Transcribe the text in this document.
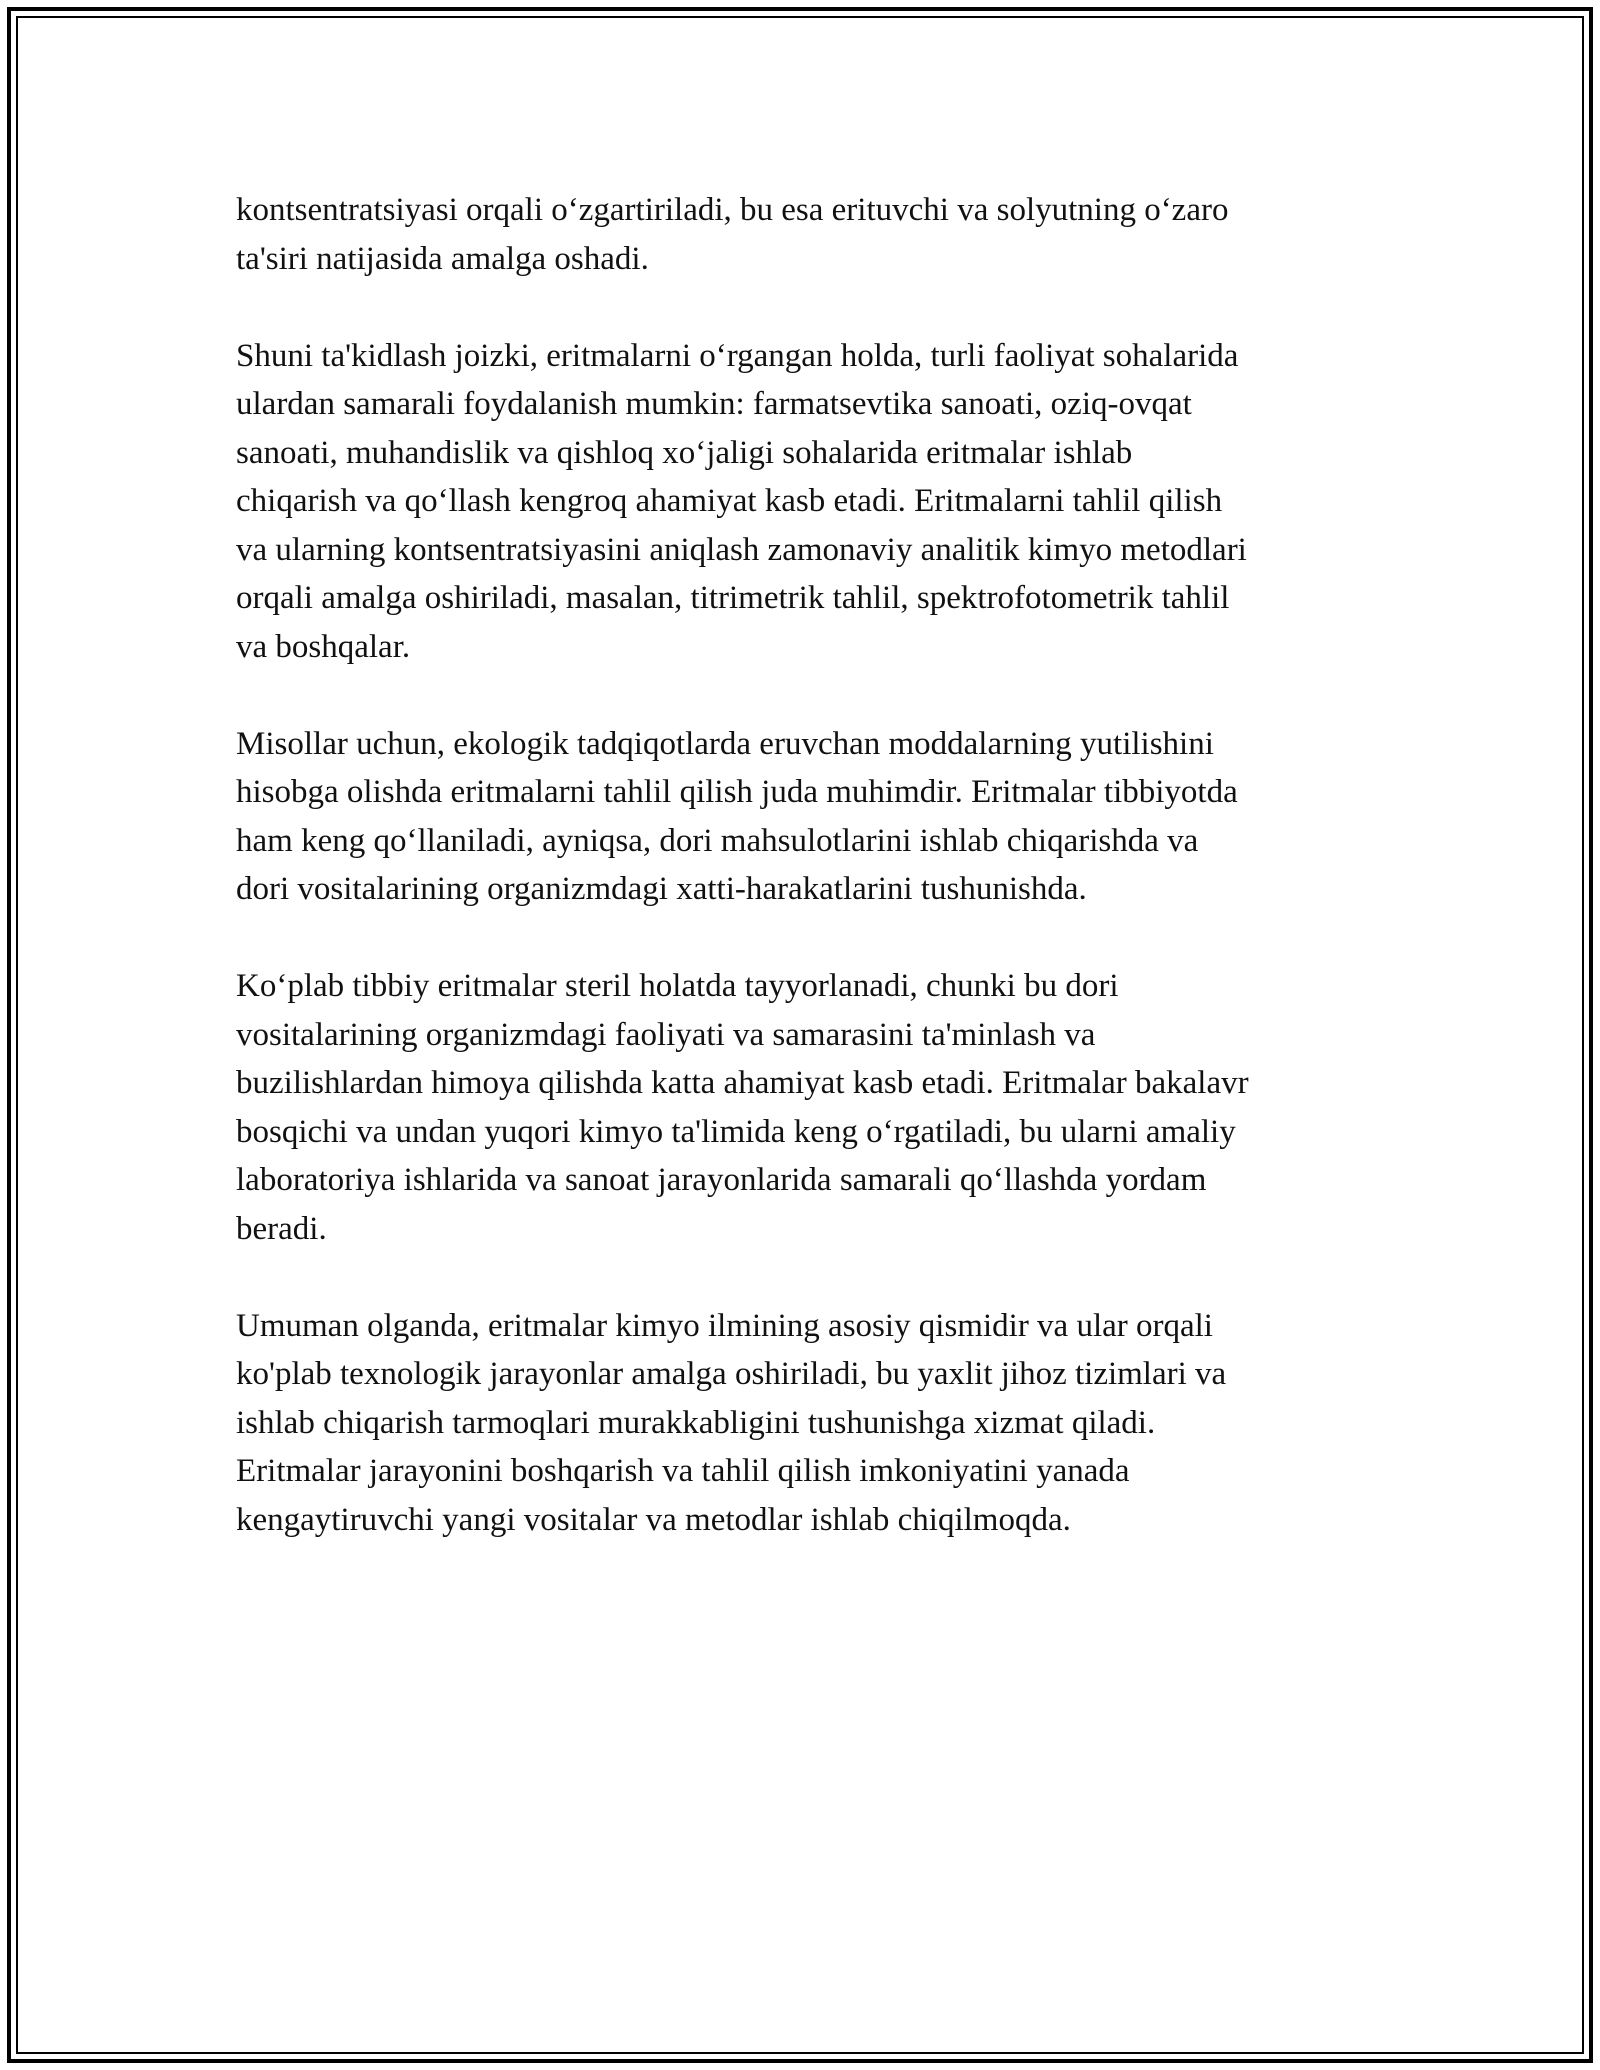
kontsentratsiyasi orqali o‘zgartiriladi, bu esa erituvchi va solyutning o‘zaro
ta'siri natijasida amalga oshadi.

Shuni ta'kidlash joizki, eritmalarni o‘rgangan holda, turli faoliyat sohalarida
ulardan samarali foydalanish mumkin: farmatsevtika sanoati, oziq-ovqat
sanoati, muhandislik va qishloq xo‘jaligi sohalarida eritmalar ishlab
chiqarish va qo‘llash kengroq ahamiyat kasb etadi. Eritmalarni tahlil qilish
va ularning kontsentratsiyasini aniqlash zamonaviy analitik kimyo metodlari
orqali amalga oshiriladi, masalan, titrimetrik tahlil, spektrofotometrik tahlil
va boshqalar.

Misollar uchun, ekologik tadqiqotlarda eruvchan moddalarning yutilishini
hisobga olishda eritmalarni tahlil qilish juda muhimdir. Eritmalar tibbiyotda
ham keng qo‘llaniladi, ayniqsa, dori mahsulotlarini ishlab chiqarishda va
dori vositalarining organizmdagi xatti-harakatlarini tushunishda.

Ko‘plab tibbiy eritmalar steril holatda tayyorlanadi, chunki bu dori
vositalarining organizmdagi faoliyati va samarasini ta'minlash va
buzilishlardan himoya qilishda katta ahamiyat kasb etadi. Eritmalar bakalavr
bosqichi va undan yuqori kimyo ta'limida keng o‘rgatiladi, bu ularni amaliy
laboratoriya ishlarida va sanoat jarayonlarida samarali qo‘llashda yordam
beradi.

Umuman olganda, eritmalar kimyo ilmining asosiy qismidir va ular orqali
ko'plab texnologik jarayonlar amalga oshiriladi, bu yaxlit jihoz tizimlari va
ishlab chiqarish tarmoqlari murakkabligini tushunishga xizmat qiladi.
Eritmalar jarayonini boshqarish va tahlil qilish imkoniyatini yanada
kengaytiruvchi yangi vositalar va metodlar ishlab chiqilmoqda.
